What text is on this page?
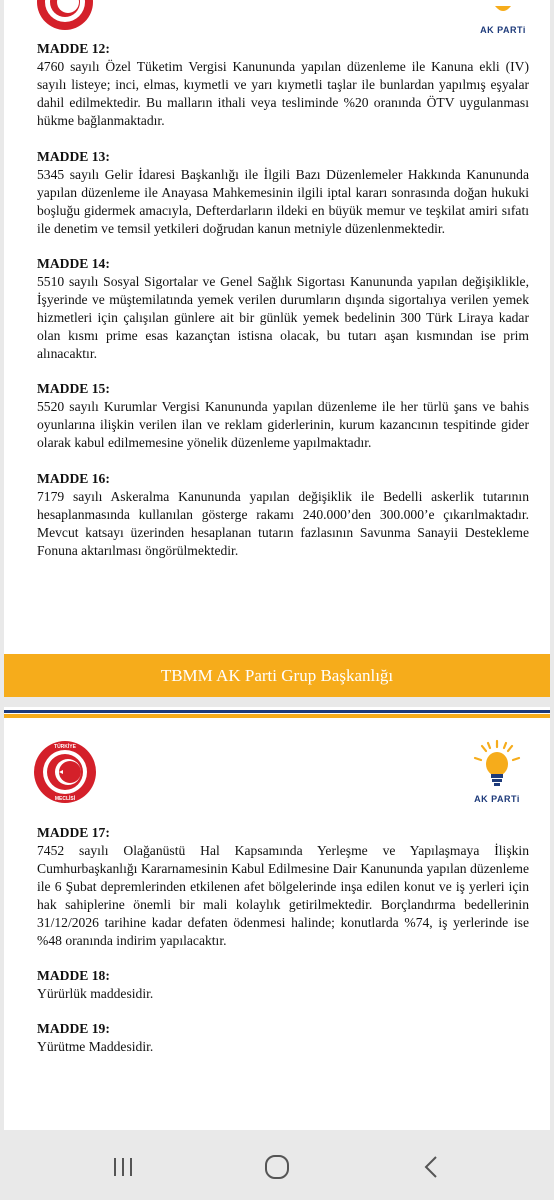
AK PARTi
MADDE 12:
4760 sayılı Özel Tüketim Vergisi Kanununda yapılan düzenleme ile Kanuna ekli (IV) sayılı listeye; inci, elmas, kıymetli ve yarı kıymetli taşlar ile bunlardan yapılmış eşyalar dahil edilmektedir. Bu malların ithali veya tesliminde %20 oranında ÖTV uygulanması hükme bağlanmaktadır.
MADDE 13:
5345 sayılı Gelir İdaresi Başkanlığı ile İlgili Bazı Düzenlemeler Hakkında Kanununda yapılan düzenleme ile Anayasa Mahkemesinin ilgili iptal kararı sonrasında doğan hukuki boşluğu gidermek amacıyla, Defterdarların ildeki en büyük memur ve teşkilat amiri sıfatı ile denetim ve temsil yetkileri doğrudan kanun metniyle düzenlenmektedir.
MADDE 14:
5510 sayılı Sosyal Sigortalar ve Genel Sağlık Sigortası Kanununda yapılan değişiklikle, İşyerinde ve müştemilatında yemek verilen durumların dışında sigortalıya verilen yemek hizmetleri için çalışılan günlere ait bir günlük yemek bedelinin 300 Türk Liraya kadar olan kısmı prime esas kazançtan istisna olacak, bu tutarı aşan kısmından ise prim alınacaktır.
MADDE 15:
5520 sayılı Kurumlar Vergisi Kanununda yapılan düzenleme ile her türlü şans ve bahis oyunlarına ilişkin verilen ilan ve reklam giderlerinin, kurum kazancının tespitinde gider olarak kabul edilmemesine yönelik düzenleme yapılmaktadır.
MADDE 16:
7179 sayılı Askeralma Kanununda yapılan değişiklik ile Bedelli askerlik tutarının hesaplanmasında kullanılan gösterge rakamı 240.000’den 300.000’e çıkarılmaktadır. Mevcut katsayı üzerinden hesaplanan tutarın fazlasının Savunma Sanayii Destekleme Fonuna aktarılması öngörülmektedir.
TBMM AK Parti Grup Başkanlığı
TÜRKİYE
MECLİSİ	AK PARTi
MADDE 17:
7452 sayılı Olağanüstü Hal Kapsamında Yerleşme ve Yapılaşmaya İlişkin Cumhurbaşkanlığı Kararnamesinin Kabul Edilmesine Dair Kanununda yapılan düzenleme ile 6 Şubat depremlerinden etkilenen afet bölgelerinde inşa edilen konut ve iş yerleri için hak sahiplerine önemli bir mali kolaylık getirilmektedir. Borçlandırma bedellerinin 31/12/2026 tarihine kadar defaten ödenmesi halinde; konutlarda %74, iş yerlerinde ise %48 oranında indirim yapılacaktır.
MADDE 18:
Yürürlük maddesidir.
MADDE 19:
Yürütme Maddesidir.
